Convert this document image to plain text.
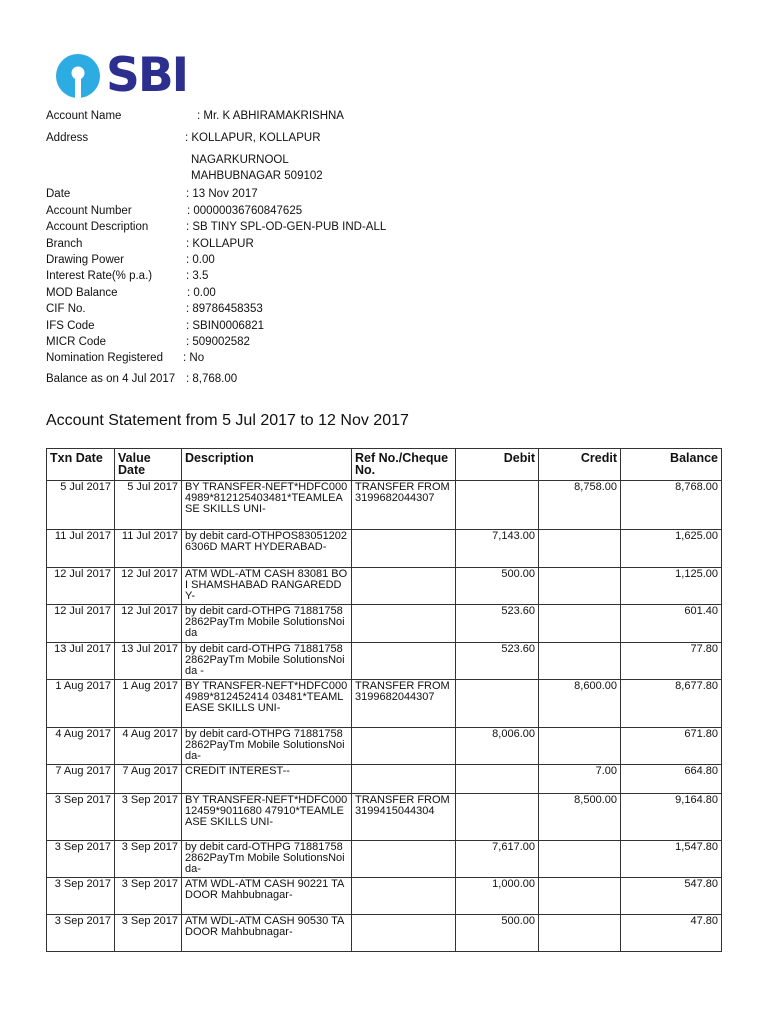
SBI
Account Name	: Mr. K ABHIRAMAKRISHNA
Address	: KOLLAPUR, KOLLAPUR
NAGARKURNOOL
MAHBUBNAGAR 509102
Date	: 13 Nov 2017
Account Number	: 00000036760847625
Account Description	: SB TINY SPL-OD-GEN-PUB IND-ALL
Branch	: KOLLAPUR
Drawing Power	: 0.00
Interest Rate(% p.a.)	: 3.5
MOD Balance	: 0.00
CIF No.	: 89786458353
IFS Code	: SBIN0006821
MICR Code	: 509002582
Nomination Registered : No
Balance as on 4 Jul 2017 : 8,768.00
Account Statement from 5 Jul 2017 to 12 Nov 2017
Txn Date	Value Date	Description	Ref No./Cheque No.	Debit	Credit	Balance

5 Jul 2017	5 Jul 2017	BY TRANSFER-NEFT*HDFC0004989*812125403481*TEAMLEASE SKILLS UNI-	TRANSFER FROM 3199682044307		8,758.00	8,768.00

11 Jul 2017	11 Jul 2017	by debit card-OTHPOS830512026306D MART HYDERABAD-		7,143.00		1,625.00

12 Jul 2017	12 Jul 2017	ATM WDL-ATM CASH 83081 BOI SHAMSHABAD RANGAREDDY-		500.00		1,125.00

12 Jul 2017	12 Jul 2017	by debit card-OTHPG 718817582862PayTm Mobile SolutionsNoida		523.60		601.40

13 Jul 2017	13 Jul 2017	by debit card-OTHPG 718817582862PayTm Mobile SolutionsNoida -		523.60		77.80

1 Aug 2017	1 Aug 2017	BY TRANSFER-NEFT*HDFC0004989*812452414 03481*TEAMLEASE SKILLS UNI-	TRANSFER FROM 3199682044307		8,600.00	8,677.80

4 Aug 2017	4 Aug 2017	by debit card-OTHPG 718817582862PayTm Mobile SolutionsNoida-		8,006.00		671.80

7 Aug 2017	7 Aug 2017	CREDIT INTEREST--			7.00	664.80

3 Sep 2017	3 Sep 2017	BY TRANSFER-NEFT*HDFC00012459*9011680 47910*TEAMLEASE SKILLS UNI-	TRANSFER FROM 3199415044304		8,500.00	9,164.80

3 Sep 2017	3 Sep 2017	by debit card-OTHPG 718817582862PayTm Mobile SolutionsNoida-		7,617.00		1,547.80

3 Sep 2017	3 Sep 2017	ATM WDL-ATM CASH 90221 TADOOR Mahbubnagar-		1,000.00		547.80

3 Sep 2017	3 Sep 2017	ATM WDL-ATM CASH 90530 TADOOR Mahbubnagar-		500.00		47.80
